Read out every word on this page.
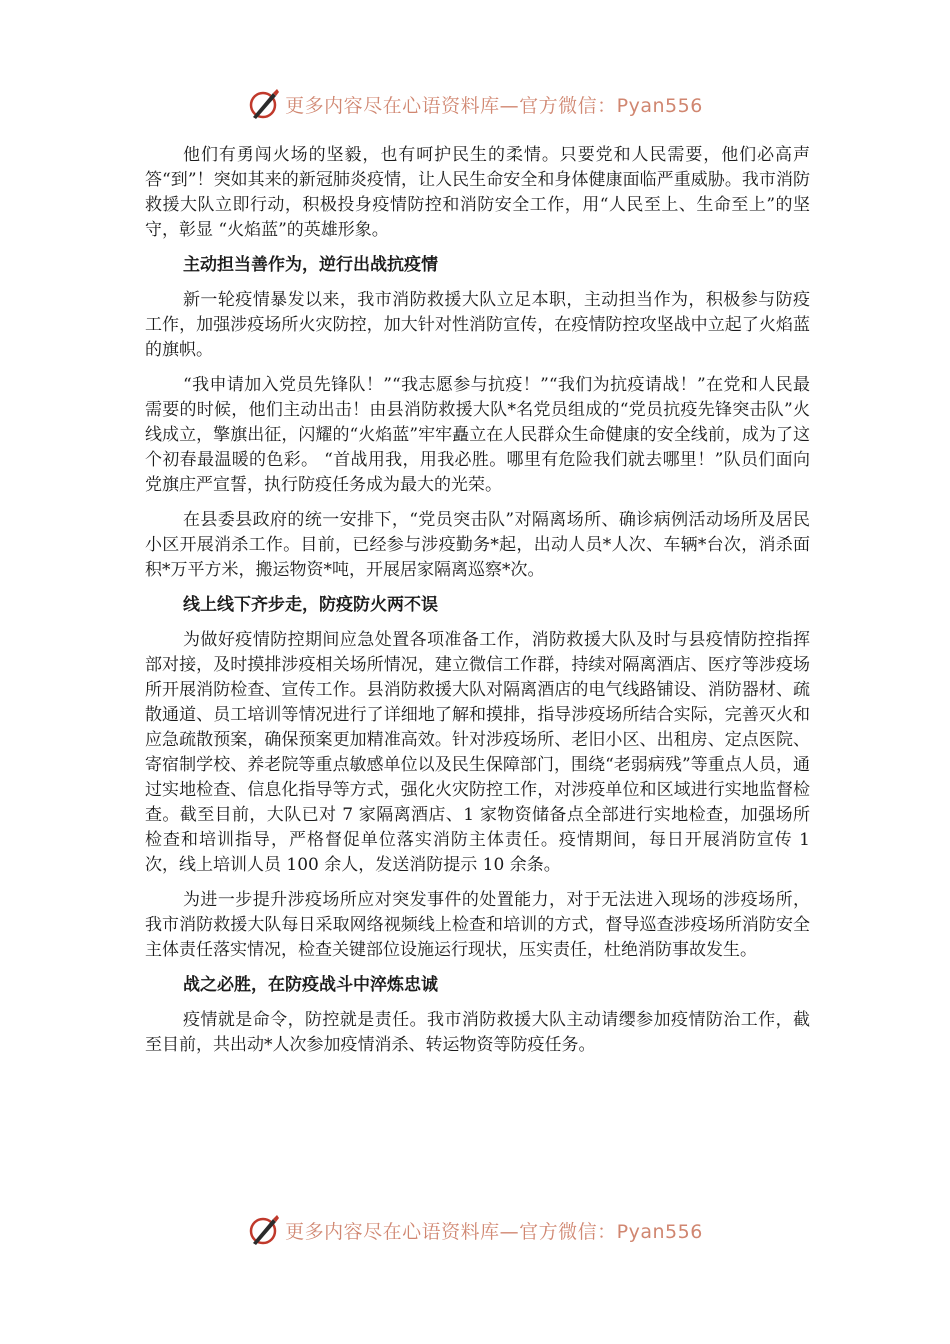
更多内容尽在心语资料库—官方微信：Pyan556

他们有勇闯火场的坚毅，也有呵护民生的柔情。只要党和人民需要，他们必高声答“到”！突如其来的新冠肺炎疫情，让人民生命安全和身体健康面临严重威胁。我市消防救援大队立即行动，积极投身疫情防控和消防安全工作，用“人民至上、生命至上”的坚守，彰显 “火焰蓝”的英雄形象。

主动担当善作为，逆行出战抗疫情

新一轮疫情暴发以来，我市消防救援大队立足本职，主动担当作为，积极参与防疫工作，加强涉疫场所火灾防控，加大针对性消防宣传，在疫情防控攻坚战中立起了火焰蓝的旗帜。

“我申请加入党员先锋队！”“我志愿参与抗疫！”“我们为抗疫请战！”在党和人民最需要的时候，他们主动出击！由县消防救援大队*名党员组成的“党员抗疫先锋突击队”火线成立，擎旗出征，闪耀的“火焰蓝”牢牢矗立在人民群众生命健康的安全线前，成为了这个初春最温暖的色彩。 “首战用我，用我必胜。哪里有危险我们就去哪里！”队员们面向党旗庄严宣誓，执行防疫任务成为最大的光荣。

在县委县政府的统一安排下，“党员突击队”对隔离场所、确诊病例活动场所及居民小区开展消杀工作。目前，已经参与涉疫勤务*起，出动人员*人次、车辆*台次，消杀面积*万平方米，搬运物资*吨，开展居家隔离巡察*次。

线上线下齐步走，防疫防火两不误

为做好疫情防控期间应急处置各项准备工作，消防救援大队及时与县疫情防控指挥部对接，及时摸排涉疫相关场所情况，建立微信工作群，持续对隔离酒店、医疗等涉疫场所开展消防检查、宣传工作。县消防救援大队对隔离酒店的电气线路铺设、消防器材、疏散通道、员工培训等情况进行了详细地了解和摸排，指导涉疫场所结合实际，完善灭火和应急疏散预案，确保预案更加精准高效。针对涉疫场所、老旧小区、出租房、定点医院、寄宿制学校、养老院等重点敏感单位以及民生保障部门，围绕“老弱病残”等重点人员，通过实地检查、信息化指导等方式，强化火灾防控工作，对涉疫单位和区域进行实地监督检查。截至目前，大队已对 7 家隔离酒店、1 家物资储备点全部进行实地检查，加强场所检查和培训指导，严格督促单位落实消防主体责任。疫情期间，每日开展消防宣传 1 次，线上培训人员 100 余人，发送消防提示 10 余条。

为进一步提升涉疫场所应对突发事件的处置能力，对于无法进入现场的涉疫场所，我市消防救援大队每日采取网络视频线上检查和培训的方式，督导巡查涉疫场所消防安全主体责任落实情况，检查关键部位设施运行现状，压实责任，杜绝消防事故发生。

战之必胜，在防疫战斗中淬炼忠诚

疫情就是命令，防控就是责任。我市消防救援大队主动请缨参加疫情防治工作，截至目前，共出动*人次参加疫情消杀、转运物资等防疫任务。

更多内容尽在心语资料库—官方微信：Pyan556
